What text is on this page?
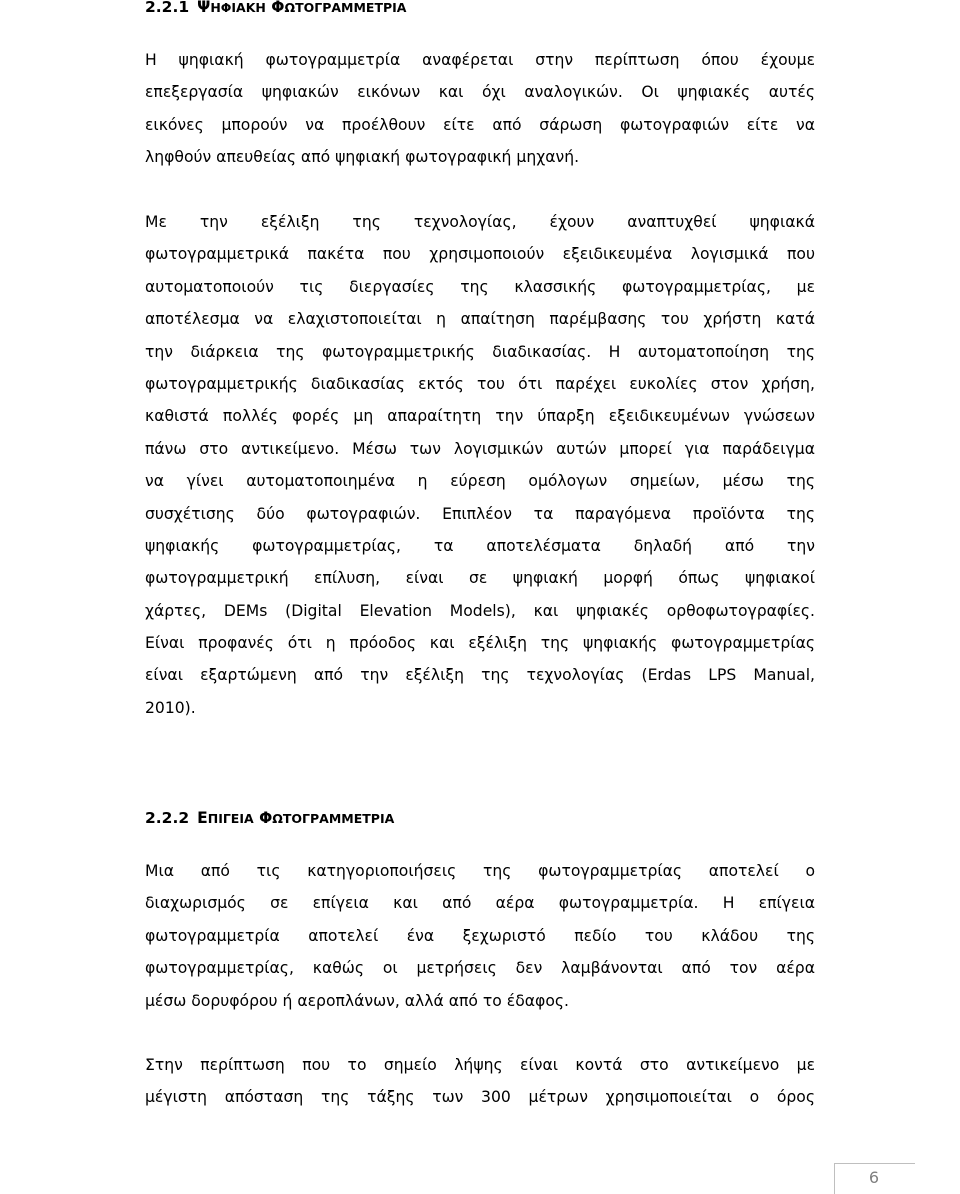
2.2.1 ΨΗΦΙΑΚΗ ΦΩΤΟΓΡΑΜΜΕΤΡΙΑ
Η ψηφιακή φωτογραμμετρία αναφέρεται στην περίπτωση όπου έχουμε
επεξεργασία ψηφιακών εικόνων και όχι αναλογικών. Οι ψηφιακές αυτές
εικόνες μπορούν να προέλθουν είτε από σάρωση φωτογραφιών είτε να
ληφθούν απευθείας από ψηφιακή φωτογραφική μηχανή.
Με την εξέλιξη της τεχνολογίας, έχουν αναπτυχθεί ψηφιακά
φωτογραμμετρικά πακέτα που χρησιμοποιούν εξειδικευμένα λογισμικά που
αυτοματοποιούν τις διεργασίες της κλασσικής φωτογραμμετρίας, με
αποτέλεσμα να ελαχιστοποιείται η απαίτηση παρέμβασης του χρήστη κατά
την διάρκεια της φωτογραμμετρικής διαδικασίας. Η αυτοματοποίηση της
φωτογραμμετρικής διαδικασίας εκτός του ότι παρέχει ευκολίες στον χρήση,
καθιστά πολλές φορές μη απαραίτητη την ύπαρξη εξειδικευμένων γνώσεων
πάνω στο αντικείμενο. Μέσω των λογισμικών αυτών μπορεί για παράδειγμα
να γίνει αυτοματοποιημένα η εύρεση ομόλογων σημείων, μέσω της
συσχέτισης δύο φωτογραφιών. Επιπλέον τα παραγόμενα προϊόντα της
ψηφιακής φωτογραμμετρίας, τα αποτελέσματα δηλαδή από την
φωτογραμμετρική επίλυση, είναι σε ψηφιακή μορφή όπως ψηφιακοί
χάρτες, DEMs (Digital Elevation Models), και ψηφιακές ορθοφωτογραφίες.
Είναι προφανές ότι η πρόοδος και εξέλιξη της ψηφιακής φωτογραμμετρίας
είναι εξαρτώμενη από την εξέλιξη της τεχνολογίας (Erdas LPS Manual,
2010).
2.2.2 ΕΠΙΓΕΙΑ ΦΩΤΟΓΡΑΜΜΕΤΡΙΑ
Μια από τις κατηγοριοποιήσεις της φωτογραμμετρίας αποτελεί ο
διαχωρισμός σε επίγεια και από αέρα φωτογραμμετρία. Η επίγεια
φωτογραμμετρία αποτελεί ένα ξεχωριστό πεδίο του κλάδου της
φωτογραμμετρίας, καθώς οι μετρήσεις δεν λαμβάνονται από τον αέρα
μέσω δορυφόρου ή αεροπλάνων, αλλά από το έδαφος.
Στην περίπτωση που το σημείο λήψης είναι κοντά στο αντικείμενο με
μέγιστη απόσταση της τάξης των 300 μέτρων χρησιμοποιείται ο όρος
6
